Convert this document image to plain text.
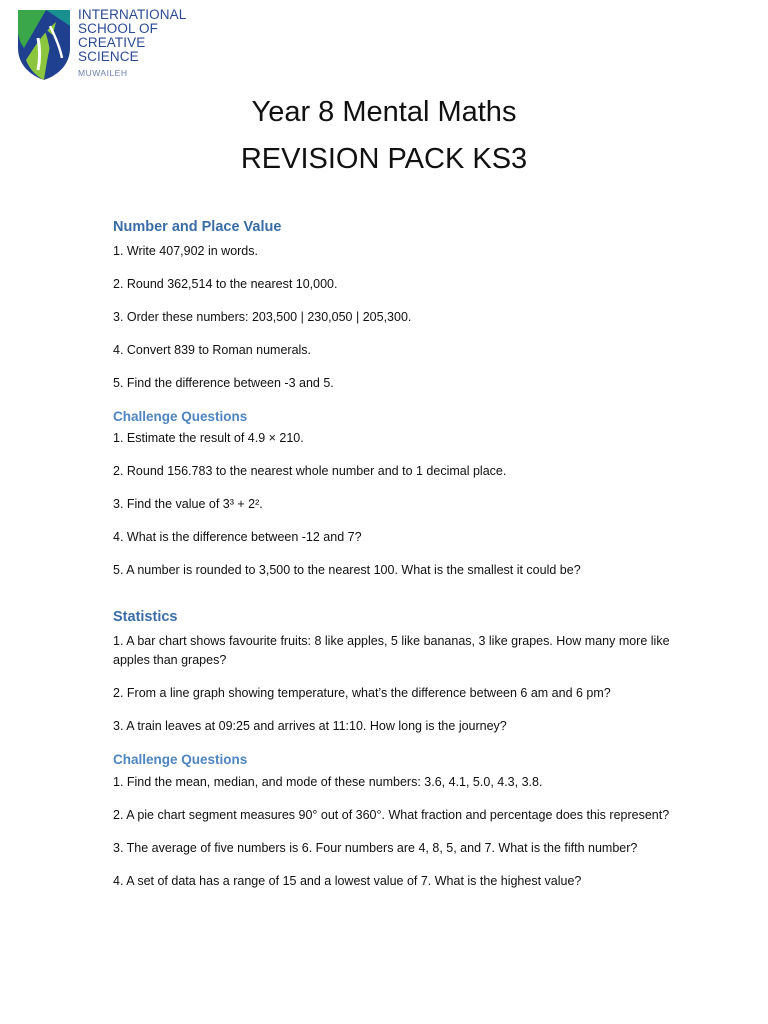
INTERNATIONAL
SCHOOL OF
CREATIVE
SCIENCE
MUWAILEH
Year 8 Mental Maths
REVISION PACK KS3
Number and Place Value
1. Write 407,902 in words.
2. Round 362,514 to the nearest 10,000.
3. Order these numbers: 203,500 | 230,050 | 205,300.
4. Convert 839 to Roman numerals.
5. Find the difference between -3 and 5.
Challenge Questions
1. Estimate the result of 4.9 × 210.
2. Round 156.783 to the nearest whole number and to 1 decimal place.
3. Find the value of 3³ + 2².
4. What is the difference between -12 and 7?
5. A number is rounded to 3,500 to the nearest 100. What is the smallest it could be?
Statistics
1. A bar chart shows favourite fruits: 8 like apples, 5 like bananas, 3 like grapes. How many more like apples than grapes?
2. From a line graph showing temperature, what’s the difference between 6 am and 6 pm?
3. A train leaves at 09:25 and arrives at 11:10. How long is the journey?
Challenge Questions
1. Find the mean, median, and mode of these numbers: 3.6, 4.1, 5.0, 4.3, 3.8.
2. A pie chart segment measures 90° out of 360°. What fraction and percentage does this represent?
3. The average of five numbers is 6. Four numbers are 4, 8, 5, and 7. What is the fifth number?
4. A set of data has a range of 15 and a lowest value of 7. What is the highest value?
